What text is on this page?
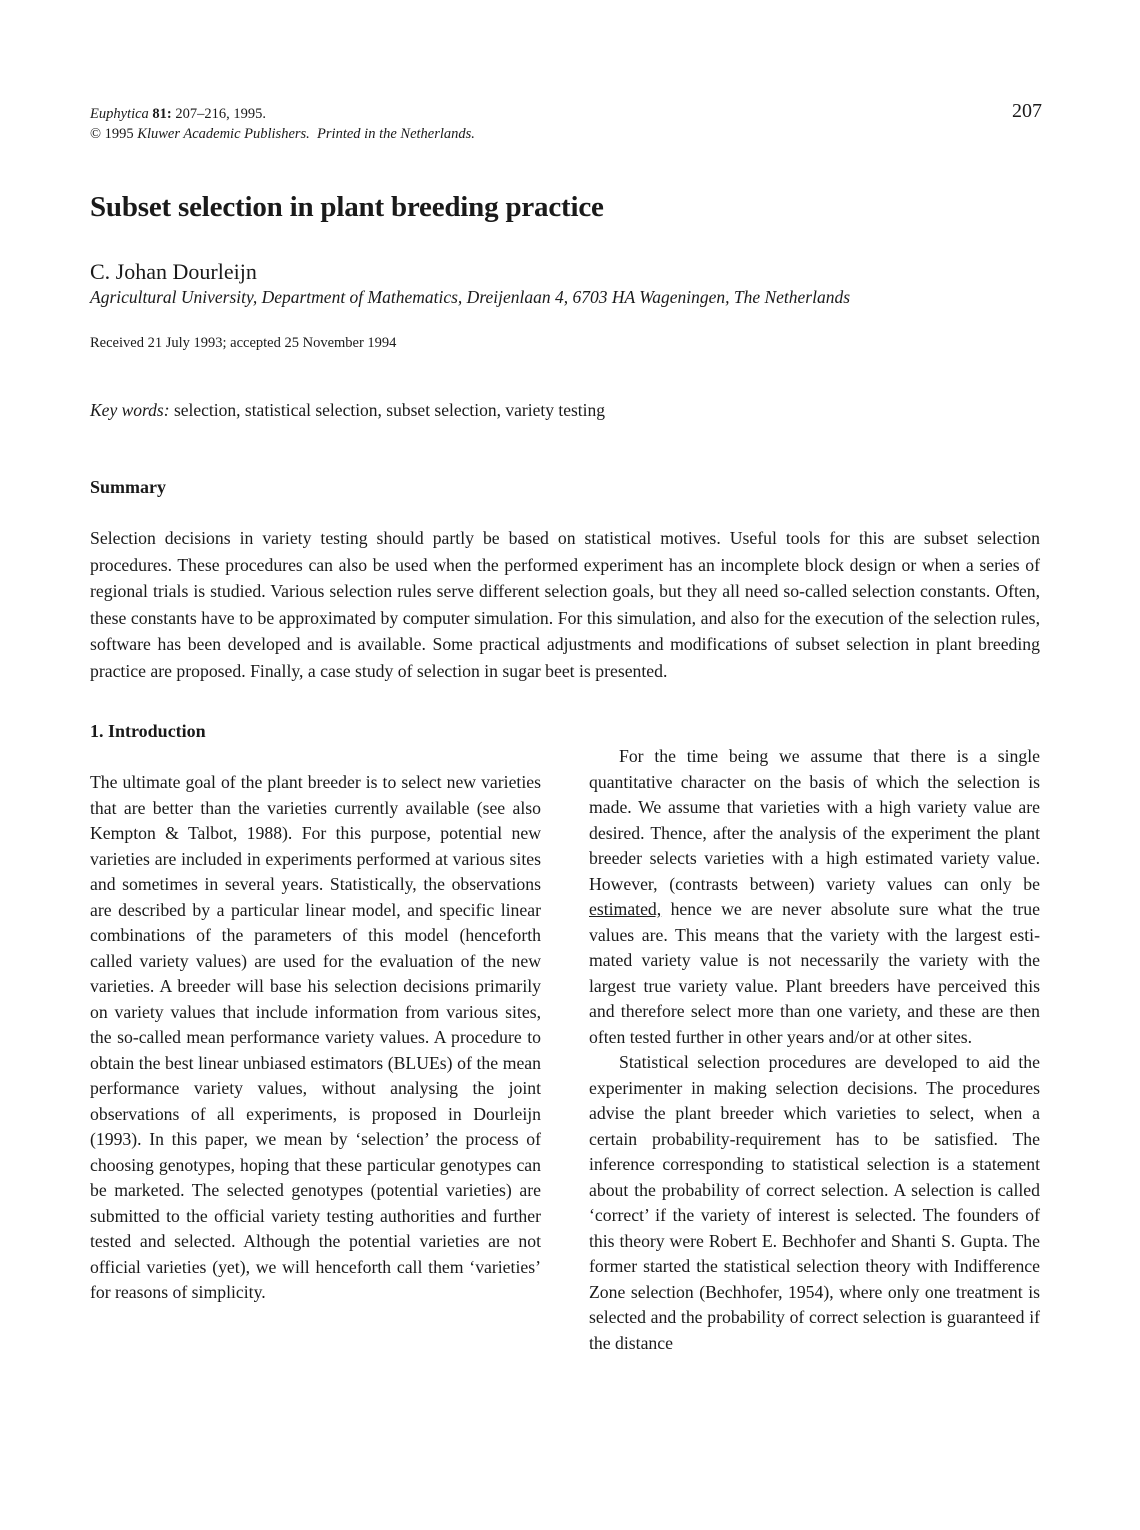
Euphytica 81: 207–216, 1995.
© 1995 Kluwer Academic Publishers. Printed in the Netherlands.
207
Subset selection in plant breeding practice
C. Johan Dourleijn
Agricultural University, Department of Mathematics, Dreijenlaan 4, 6703 HA Wageningen, The Netherlands
Received 21 July 1993; accepted 25 November 1994
Key words: selection, statistical selection, subset selection, variety testing
Summary

Selection decisions in variety testing should partly be based on statistical motives. Useful tools for this are subset selection procedures. These procedures can also be used when the performed experiment has an incomplete block design or when a series of regional trials is studied. Various selection rules serve different selection goals, but they all need so-called selection constants. Often, these constants have to be approximated by computer simulation. For this simulation, and also for the execution of the selection rules, software has been developed and is available. Some practical adjustments and modifications of subset selection in plant breeding practice are proposed. Finally, a case study of selection in sugar beet is presented.

1. Introduction

The ultimate goal of the plant breeder is to select new varieties that are better than the varieties currently available (see also Kempton & Talbot, 1988). For this purpose, potential new varieties are included in experiments performed at various sites and sometimes in several years. Statistically, the observations are described by a particular linear model, and specific linear combinations of the parameters of this model (henceforth called variety values) are used for the evaluation of the new varieties. A breeder will base his selection decisions primarily on variety values that include information from various sites, the so-called mean performance variety values. A procedure to obtain the best linear unbiased estimators (BLUEs) of the mean performance variety values, without analysing the joint observations of all experiments, is proposed in Dourleijn (1993). In this paper, we mean by ‘selection’ the process of choosing genotypes, hoping that these particular genotypes can be marketed. The selected genotypes (potential varieties) are submitted to the official variety testing authorities and further tested and selected. Although the potential varieties are not official varieties (yet), we will henceforth call them ‘varieties’ for reasons of simplicity.

For the time being we assume that there is a single quantitative character on the basis of which the selection is made. We assume that varieties with a high variety value are desired. Thence, after the analysis of the experiment the plant breeder selects varieties with a high estimated variety value. However, (contrasts between) variety values can only be estimated, hence we are never absolute sure what the true values are. This means that the variety with the largest estimated variety value is not necessarily the variety with the largest true variety value. Plant breeders have perceived this and therefore select more than one variety, and these are then often tested further in other years and/or at other sites.

Statistical selection procedures are developed to aid the experimenter in making selection decisions. The procedures advise the plant breeder which varieties to select, when a certain probability-requirement has to be satisfied. The inference corresponding to statistical selection is a statement about the probability of correct selection. A selection is called ‘correct’ if the variety of interest is selected. The founders of this theory were Robert E. Bechhofer and Shanti S. Gupta. The former started the statistical selection theory with Indifference Zone selection (Bechhofer, 1954), where only one treatment is selected and the probability of correct selection is guaranteed if the distance
